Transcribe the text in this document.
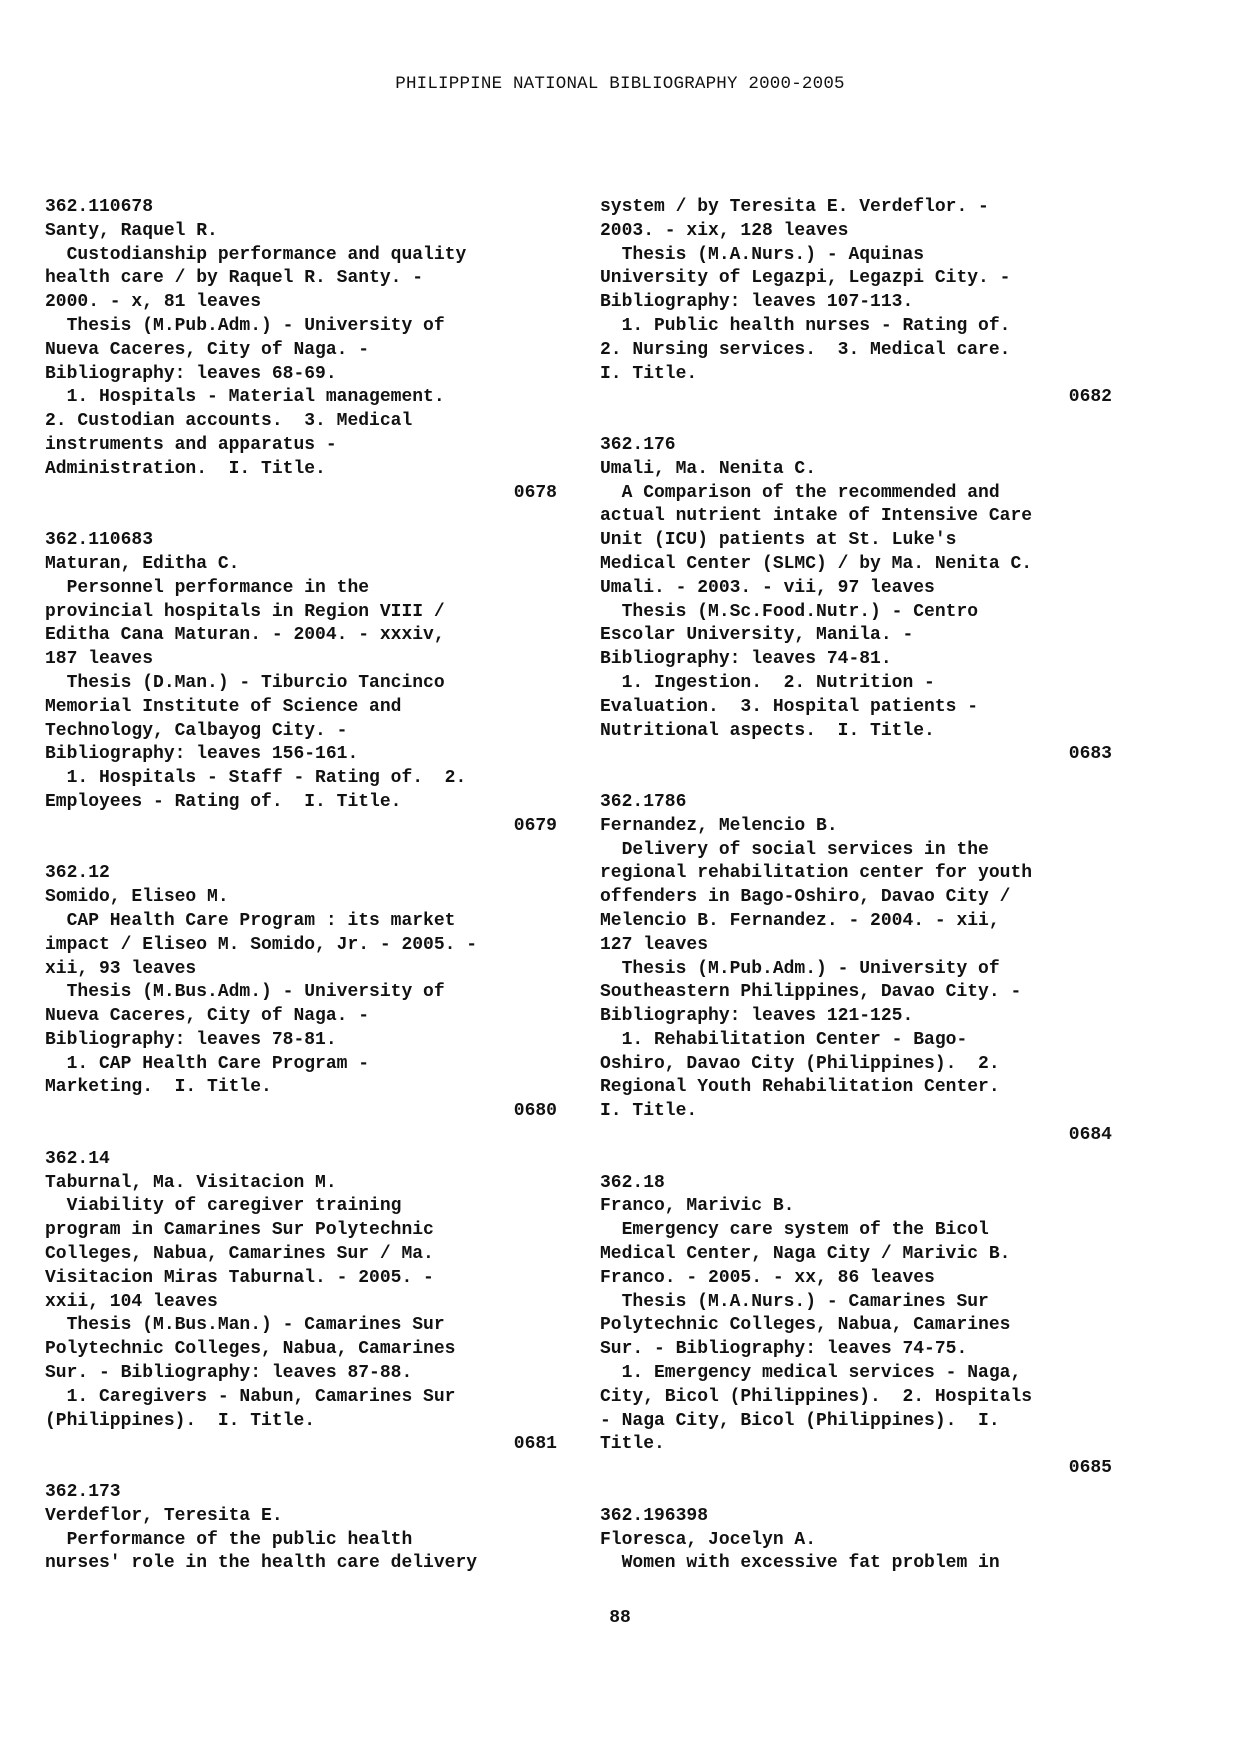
PHILIPPINE NATIONAL BIBLIOGRAPHY 2000-2005
362.110678
Santy, Raquel R.
Custodianship performance and quality
health care / by Raquel R. Santy. -
2000. - x, 81 leaves
Thesis (M.Pub.Adm.) - University of
Nueva Caceres, City of Naga. -
Bibliography: leaves 68-69.
1. Hospitals - Material management.
2. Custodian accounts.  3. Medical
instruments and apparatus -
Administration.  I. Title.
0678
362.110683
Maturan, Editha C.
Personnel performance in the
provincial hospitals in Region VIII /
Editha Cana Maturan. - 2004. - xxxiv,
187 leaves
Thesis (D.Man.) - Tiburcio Tancinco
Memorial Institute of Science and
Technology, Calbayog City. -
Bibliography: leaves 156-161.
1. Hospitals - Staff - Rating of.  2.
Employees - Rating of.  I. Title.
0679
362.12
Somido, Eliseo M.
CAP Health Care Program : its market
impact / Eliseo M. Somido, Jr. - 2005. -
xii, 93 leaves
Thesis (M.Bus.Adm.) - University of
Nueva Caceres, City of Naga. -
Bibliography: leaves 78-81.
1. CAP Health Care Program -
Marketing.  I. Title.
0680
362.14
Taburnal, Ma. Visitacion M.
Viability of caregiver training
program in Camarines Sur Polytechnic
Colleges, Nabua, Camarines Sur / Ma.
Visitacion Miras Taburnal. - 2005. -
xxii, 104 leaves
Thesis (M.Bus.Man.) - Camarines Sur
Polytechnic Colleges, Nabua, Camarines
Sur. - Bibliography: leaves 87-88.
1. Caregivers - Nabun, Camarines Sur
(Philippines).  I. Title.
0681
362.173
Verdeflor, Teresita E.
Performance of the public health
nurses' role in the health care delivery
system / by Teresita E. Verdeflor. -
2003. - xix, 128 leaves
Thesis (M.A.Nurs.) - Aquinas
University of Legazpi, Legazpi City. -
Bibliography: leaves 107-113.
1. Public health nurses - Rating of.
2. Nursing services.  3. Medical care.
I. Title.
0682
362.176
Umali, Ma. Nenita C.
A Comparison of the recommended and
actual nutrient intake of Intensive Care
Unit (ICU) patients at St. Luke's
Medical Center (SLMC) / by Ma. Nenita C.
Umali. - 2003. - vii, 97 leaves
Thesis (M.Sc.Food.Nutr.) - Centro
Escolar University, Manila. -
Bibliography: leaves 74-81.
1. Ingestion.  2. Nutrition -
Evaluation.  3. Hospital patients -
Nutritional aspects.  I. Title.
0683
362.1786
Fernandez, Melencio B.
Delivery of social services in the
regional rehabilitation center for youth
offenders in Bago-Oshiro, Davao City /
Melencio B. Fernandez. - 2004. - xii,
127 leaves
Thesis (M.Pub.Adm.) - University of
Southeastern Philippines, Davao City. -
Bibliography: leaves 121-125.
1. Rehabilitation Center - Bago-
Oshiro, Davao City (Philippines).  2.
Regional Youth Rehabilitation Center.
I. Title.
0684
362.18
Franco, Marivic B.
Emergency care system of the Bicol
Medical Center, Naga City / Marivic B.
Franco. - 2005. - xx, 86 leaves
Thesis (M.A.Nurs.) - Camarines Sur
Polytechnic Colleges, Nabua, Camarines
Sur. - Bibliography: leaves 74-75.
1. Emergency medical services - Naga,
City, Bicol (Philippines).  2. Hospitals
- Naga City, Bicol (Philippines).  I.
Title.
0685
362.196398
Floresca, Jocelyn A.
Women with excessive fat problem in
88
